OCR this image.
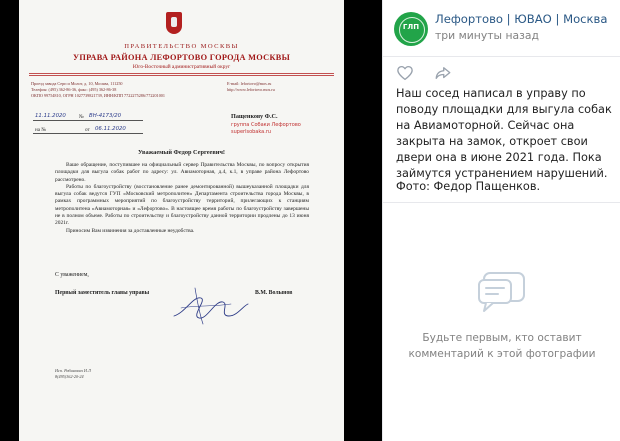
ПРАВИТЕЛЬСТВО МОСКВЫ
УПРАВА РАЙОНА ЛЕФОРТОВО ГОРОДА МОСКВЫ
Юго-Восточный административный округ
Проезд завода Серп и Молот, д. 10, Москва, 111250
Телефон: (495) 362-86-36, факс: (495) 362-86-38
ОКПО 99754810, ОГРН 1027739821739, ИНН/КПП 7722275286/772201001
E-mail: lefortovo@mos.ru
http://www.lefortovo.mos.ru
11.11.2020	№ ВН-4173/20
на №	от 06.11.2020
Пащенкову Ф.С.
группа Собаки Лефортово
superlsobaka.ru
Уважаемый Федор Сергеевич!

Ваше обращение, поступившее на официальный сервер Правительства Москвы, по вопросу открытия площадки для выгула собак работ по адресу: ул. Авиамоторная, д.4, к.1, в управе района Лефортово рассмотрено.

Работы по благоустройству (восстановление ранее демонтированной) вышеуказанной площадки для выгула собак ведутся ГУП «Московский метрополитен» Департамента строительства города Москвы, в рамках программных мероприятий по благоустройству территорий, прилегающих к станциям метрополитена «Авиамоторная» и «Лефортово». В настоящее время работы по благоустройству завершены не в полном объеме. Работы по строительству и благоустройству данной территории продлены до 13 июня 2021г.

Приносим Вам извинения за доставленные неудобства.

С уважением,
Первый заместитель главы управы	В.М. Волынов
Исп. Рабинович И.Л
8(495)362-20-24
ГЛП
Лефортово | ЮВАО | Москва
три минуты назад
Наш сосед написал в управу по поводу площадки для выгула собак на Авиамоторной. Сейчас она закрыта на замок, откроет свои двери она в июне 2021 года. Пока займутся устранением нарушений.
Фото: Федор Пащенков.
Будьте первым, кто оставит комментарий к этой фотографии
